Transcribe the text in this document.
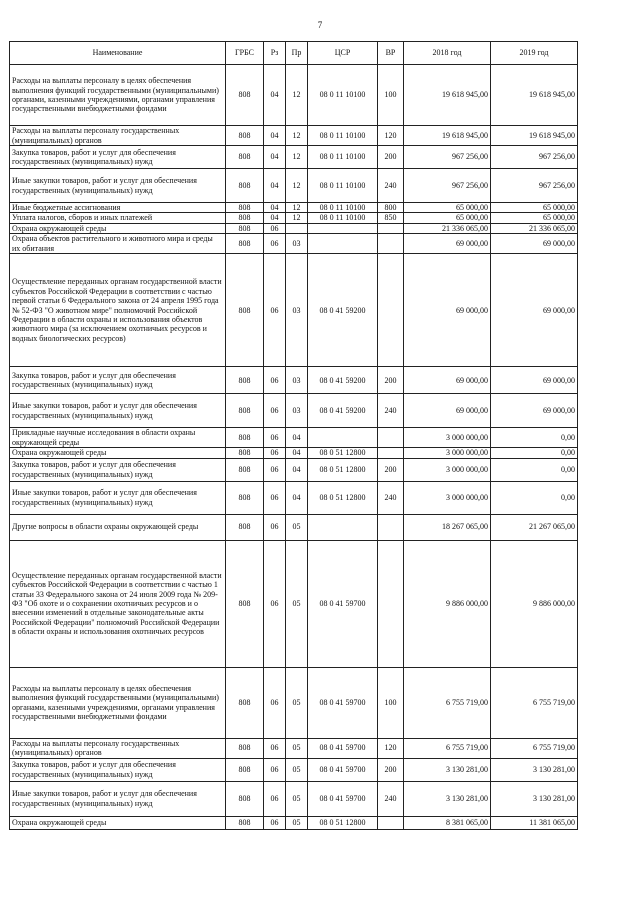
7
Наименование	ГРБС	Рз	Пр	ЦСР	ВР	2018 год	2019 год
Расходы на выплаты персоналу в целях обеспечения выполнения функций государственными (муниципальными) органами, казенными учреждениями, органами управления государственными внебюджетными фондами	808	04	12	08 0 11 10100	100	19 618 945,00	19 618 945,00
Расходы на выплаты персоналу государственных (муниципальных) органов	808	04	12	08 0 11 10100	120	19 618 945,00	19 618 945,00
Закупка товаров, работ и услуг для обеспечения государственных (муниципальных) нужд	808	04	12	08 0 11 10100	200	967 256,00	967 256,00
Иные закупки товаров, работ и услуг для обеспечения государственных (муниципальных) нужд	808	04	12	08 0 11 10100	240	967 256,00	967 256,00
Иные бюджетные ассигнования	808	04	12	08 0 11 10100	800	65 000,00	65 000,00
Уплата налогов, сборов и иных платежей	808	04	12	08 0 11 10100	850	65 000,00	65 000,00
Охрана окружающей среды	808	06				21 336 065,00	21 336 065,00
Охрана объектов растительного и животного мира и среды их обитания	808	06	03			69 000,00	69 000,00
Осуществление переданных органам государственной власти субъектов Российской Федерации в соответствии с частью первой статьи 6 Федерального закона от 24 апреля 1995 года № 52-ФЗ "О животном мире" полномочий Российской Федерации в области охраны и использования объектов животного мира (за исключением охотничьих ресурсов и водных биологических ресурсов)	808	06	03	08 0 41 59200		69 000,00	69 000,00
Закупка товаров, работ и услуг для обеспечения государственных (муниципальных) нужд	808	06	03	08 0 41 59200	200	69 000,00	69 000,00
Иные закупки товаров, работ и услуг для обеспечения государственных (муниципальных) нужд	808	06	03	08 0 41 59200	240	69 000,00	69 000,00
Прикладные научные исследования в области охраны окружающей среды	808	06	04			3 000 000,00	0,00
Охрана окружающей среды	808	06	04	08 0 51 12800		3 000 000,00	0,00
Закупка товаров, работ и услуг для обеспечения государственных (муниципальных) нужд	808	06	04	08 0 51 12800	200	3 000 000,00	0,00
Иные закупки товаров, работ и услуг для обеспечения государственных (муниципальных) нужд	808	06	04	08 0 51 12800	240	3 000 000,00	0,00
Другие вопросы в области охраны окружающей среды	808	06	05			18 267 065,00	21 267 065,00
Осуществление переданных органам государственной власти субъектов Российской Федерации в соответствии с частью 1 статьи 33 Федерального закона от 24 июля 2009 года № 209-ФЗ "Об охоте и о сохранении охотничьих ресурсов и о внесении изменений в отдельные законодательные акты Российской Федерации" полномочий Российской Федерации в области охраны и использования охотничьих ресурсов	808	06	05	08 0 41 59700		9 886 000,00	9 886 000,00
Расходы на выплаты персоналу в целях обеспечения выполнения функций государственными (муниципальными) органами, казенными учреждениями, органами управления государственными внебюджетными фондами	808	06	05	08 0 41 59700	100	6 755 719,00	6 755 719,00
Расходы на выплаты персоналу государственных (муниципальных) органов	808	06	05	08 0 41 59700	120	6 755 719,00	6 755 719,00
Закупка товаров, работ и услуг для обеспечения государственных (муниципальных) нужд	808	06	05	08 0 41 59700	200	3 130 281,00	3 130 281,00
Иные закупки товаров, работ и услуг для обеспечения государственных (муниципальных) нужд	808	06	05	08 0 41 59700	240	3 130 281,00	3 130 281,00
Охрана окружающей среды	808	06	05	08 0 51 12800		8 381 065,00	11 381 065,00
